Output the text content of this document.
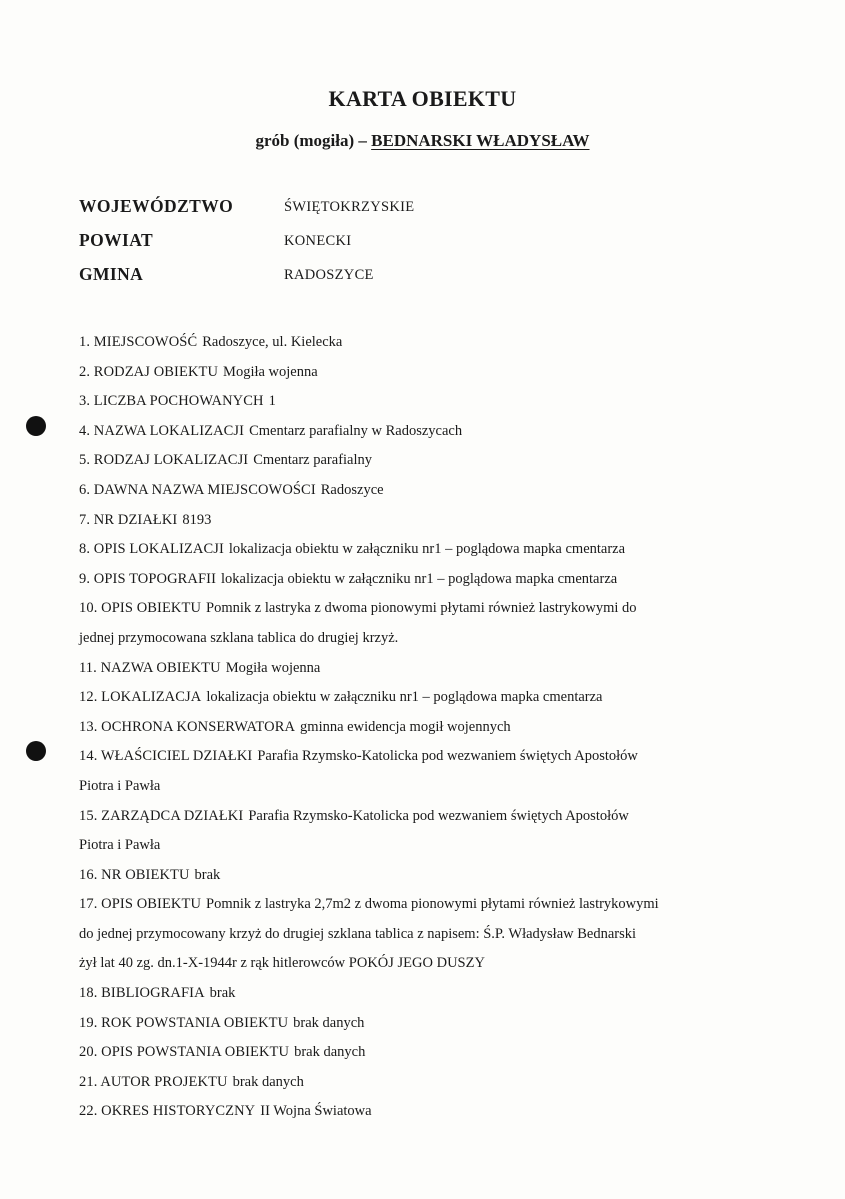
KARTA OBIEKTU
grób (mogiła) – BEDNARSKI WŁADYSŁAW
WOJEWÓDZTWO	ŚWIĘTOKRZYSKIE
POWIAT	KONECKI
GMINA	RADOSZYCE
1. MIEJSCOWOŚĆ Radoszyce, ul. Kielecka
2. RODZAJ OBIEKTU Mogiła wojenna
3. LICZBA POCHOWANYCH 1
4. NAZWA LOKALIZACJI Cmentarz parafialny w Radoszycach
5. RODZAJ LOKALIZACJI Cmentarz parafialny
6. DAWNA NAZWA MIEJSCOWOŚCI Radoszyce
7. NR DZIAŁKI 8193
8. OPIS LOKALIZACJI lokalizacja obiektu w załączniku nr1 – poglądowa mapka cmentarza
9. OPIS TOPOGRAFII lokalizacja obiektu w załączniku nr1 – poglądowa mapka cmentarza
10. OPIS OBIEKTU Pomnik z lastryka z dwoma pionowymi płytami również lastrykowymi do
jednej przymocowana szklana tablica do drugiej krzyż.
11. NAZWA OBIEKTU Mogiła wojenna
12. LOKALIZACJA lokalizacja obiektu w załączniku nr1 – poglądowa mapka cmentarza
13. OCHRONA KONSERWATORA gminna ewidencja mogił wojennych
14. WŁAŚCICIEL DZIAŁKI Parafia Rzymsko-Katolicka pod wezwaniem świętych Apostołów
Piotra i Pawła
15. ZARZĄDCA DZIAŁKI Parafia Rzymsko-Katolicka pod wezwaniem świętych Apostołów
Piotra i Pawła
16. NR OBIEKTU brak
17. OPIS OBIEKTU Pomnik z lastryka 2,7m2 z dwoma pionowymi płytami również lastrykowymi
do jednej przymocowany krzyż do drugiej szklana tablica z napisem: Ś.P. Władysław Bednarski
żył lat 40 zg. dn.1-X-1944r z rąk hitlerowców POKÓJ JEGO DUSZY
18. BIBLIOGRAFIA brak
19. ROK POWSTANIA OBIEKTU brak danych
20. OPIS POWSTANIA OBIEKTU brak danych
21. AUTOR PROJEKTU brak danych
22. OKRES HISTORYCZNY II Wojna Światowa
